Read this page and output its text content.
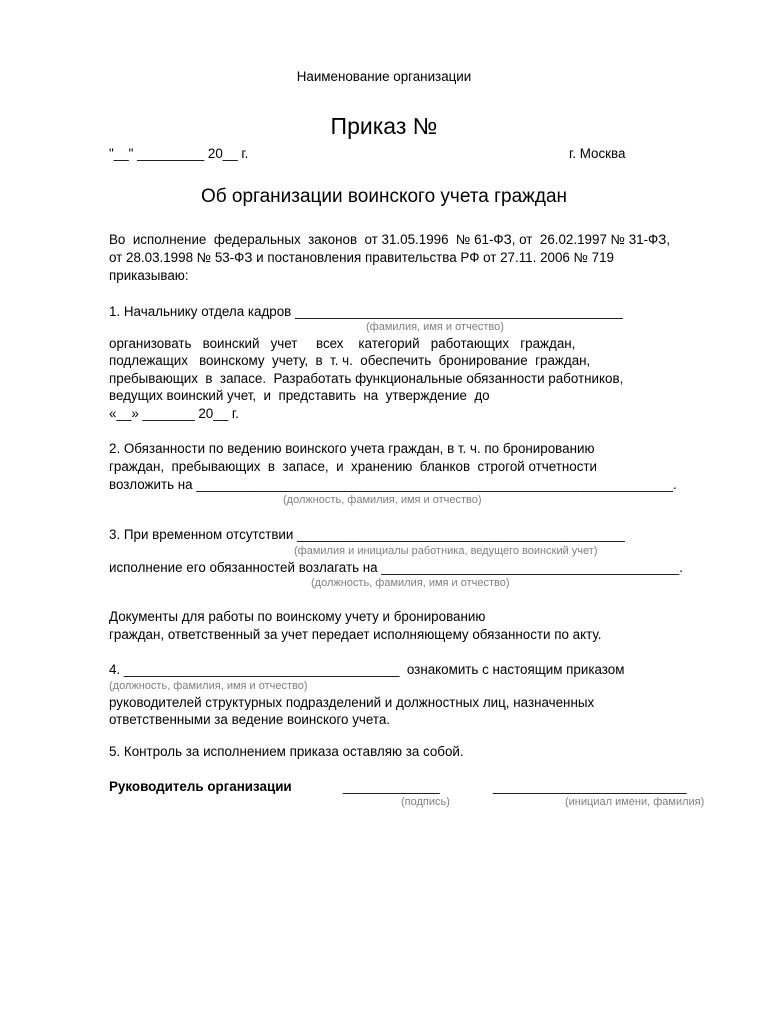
Наименование организации
Приказ №
"__" _________ 20__ г.	г. Москва
Об организации воинского учета граждан
Во  исполнение  федеральных  законов  от 31.05.1996  № 61-ФЗ, от  26.02.1997 № 31-ФЗ,
от 28.03.1998 № 53-ФЗ и постановления правительства РФ от 27.11. 2006 № 719
приказываю:
1. Начальнику отдела кадров ____________________________________________
(фамилия, имя и отчество)
организовать   воинский   учет     всех    категорий   работающих   граждан,
подлежащих   воинскому  учету,  в  т. ч.  обеспечить  бронирование  граждан,
пребывающих  в  запасе.  Разработать функциональные обязанности работников,
ведущих воинский учет,  и  представить  на  утверждение  до
«__» _______ 20__ г.
2. Обязанности по ведению воинского учета граждан, в т. ч. по бронированию
граждан,  пребывающих  в  запасе,  и  хранению  бланков  строгой отчетности
возложить на ________________________________________________________________.
(должность, фамилия, имя и отчество)
3. При временном отсутствии ____________________________________________
(фамилия и инициалы работника, ведущего воинский учет)
исполнение его обязанностей возлагать на ________________________________________.
(должность, фамилия, имя и отчество)
Документы для работы по воинскому учету и бронированию
граждан, ответственный за учет передает исполняющему обязанности по акту.
4. _____________________________________  ознакомить с настоящим приказом
(должность, фамилия, имя и отчество)
руководителей структурных подразделений и должностных лиц, назначенных
ответственными за ведение воинского учета.
5. Контроль за исполнением приказа оставляю за собой.
Руководитель организации	_____________	__________________________
(подпись)	(инициал имени, фамилия)
